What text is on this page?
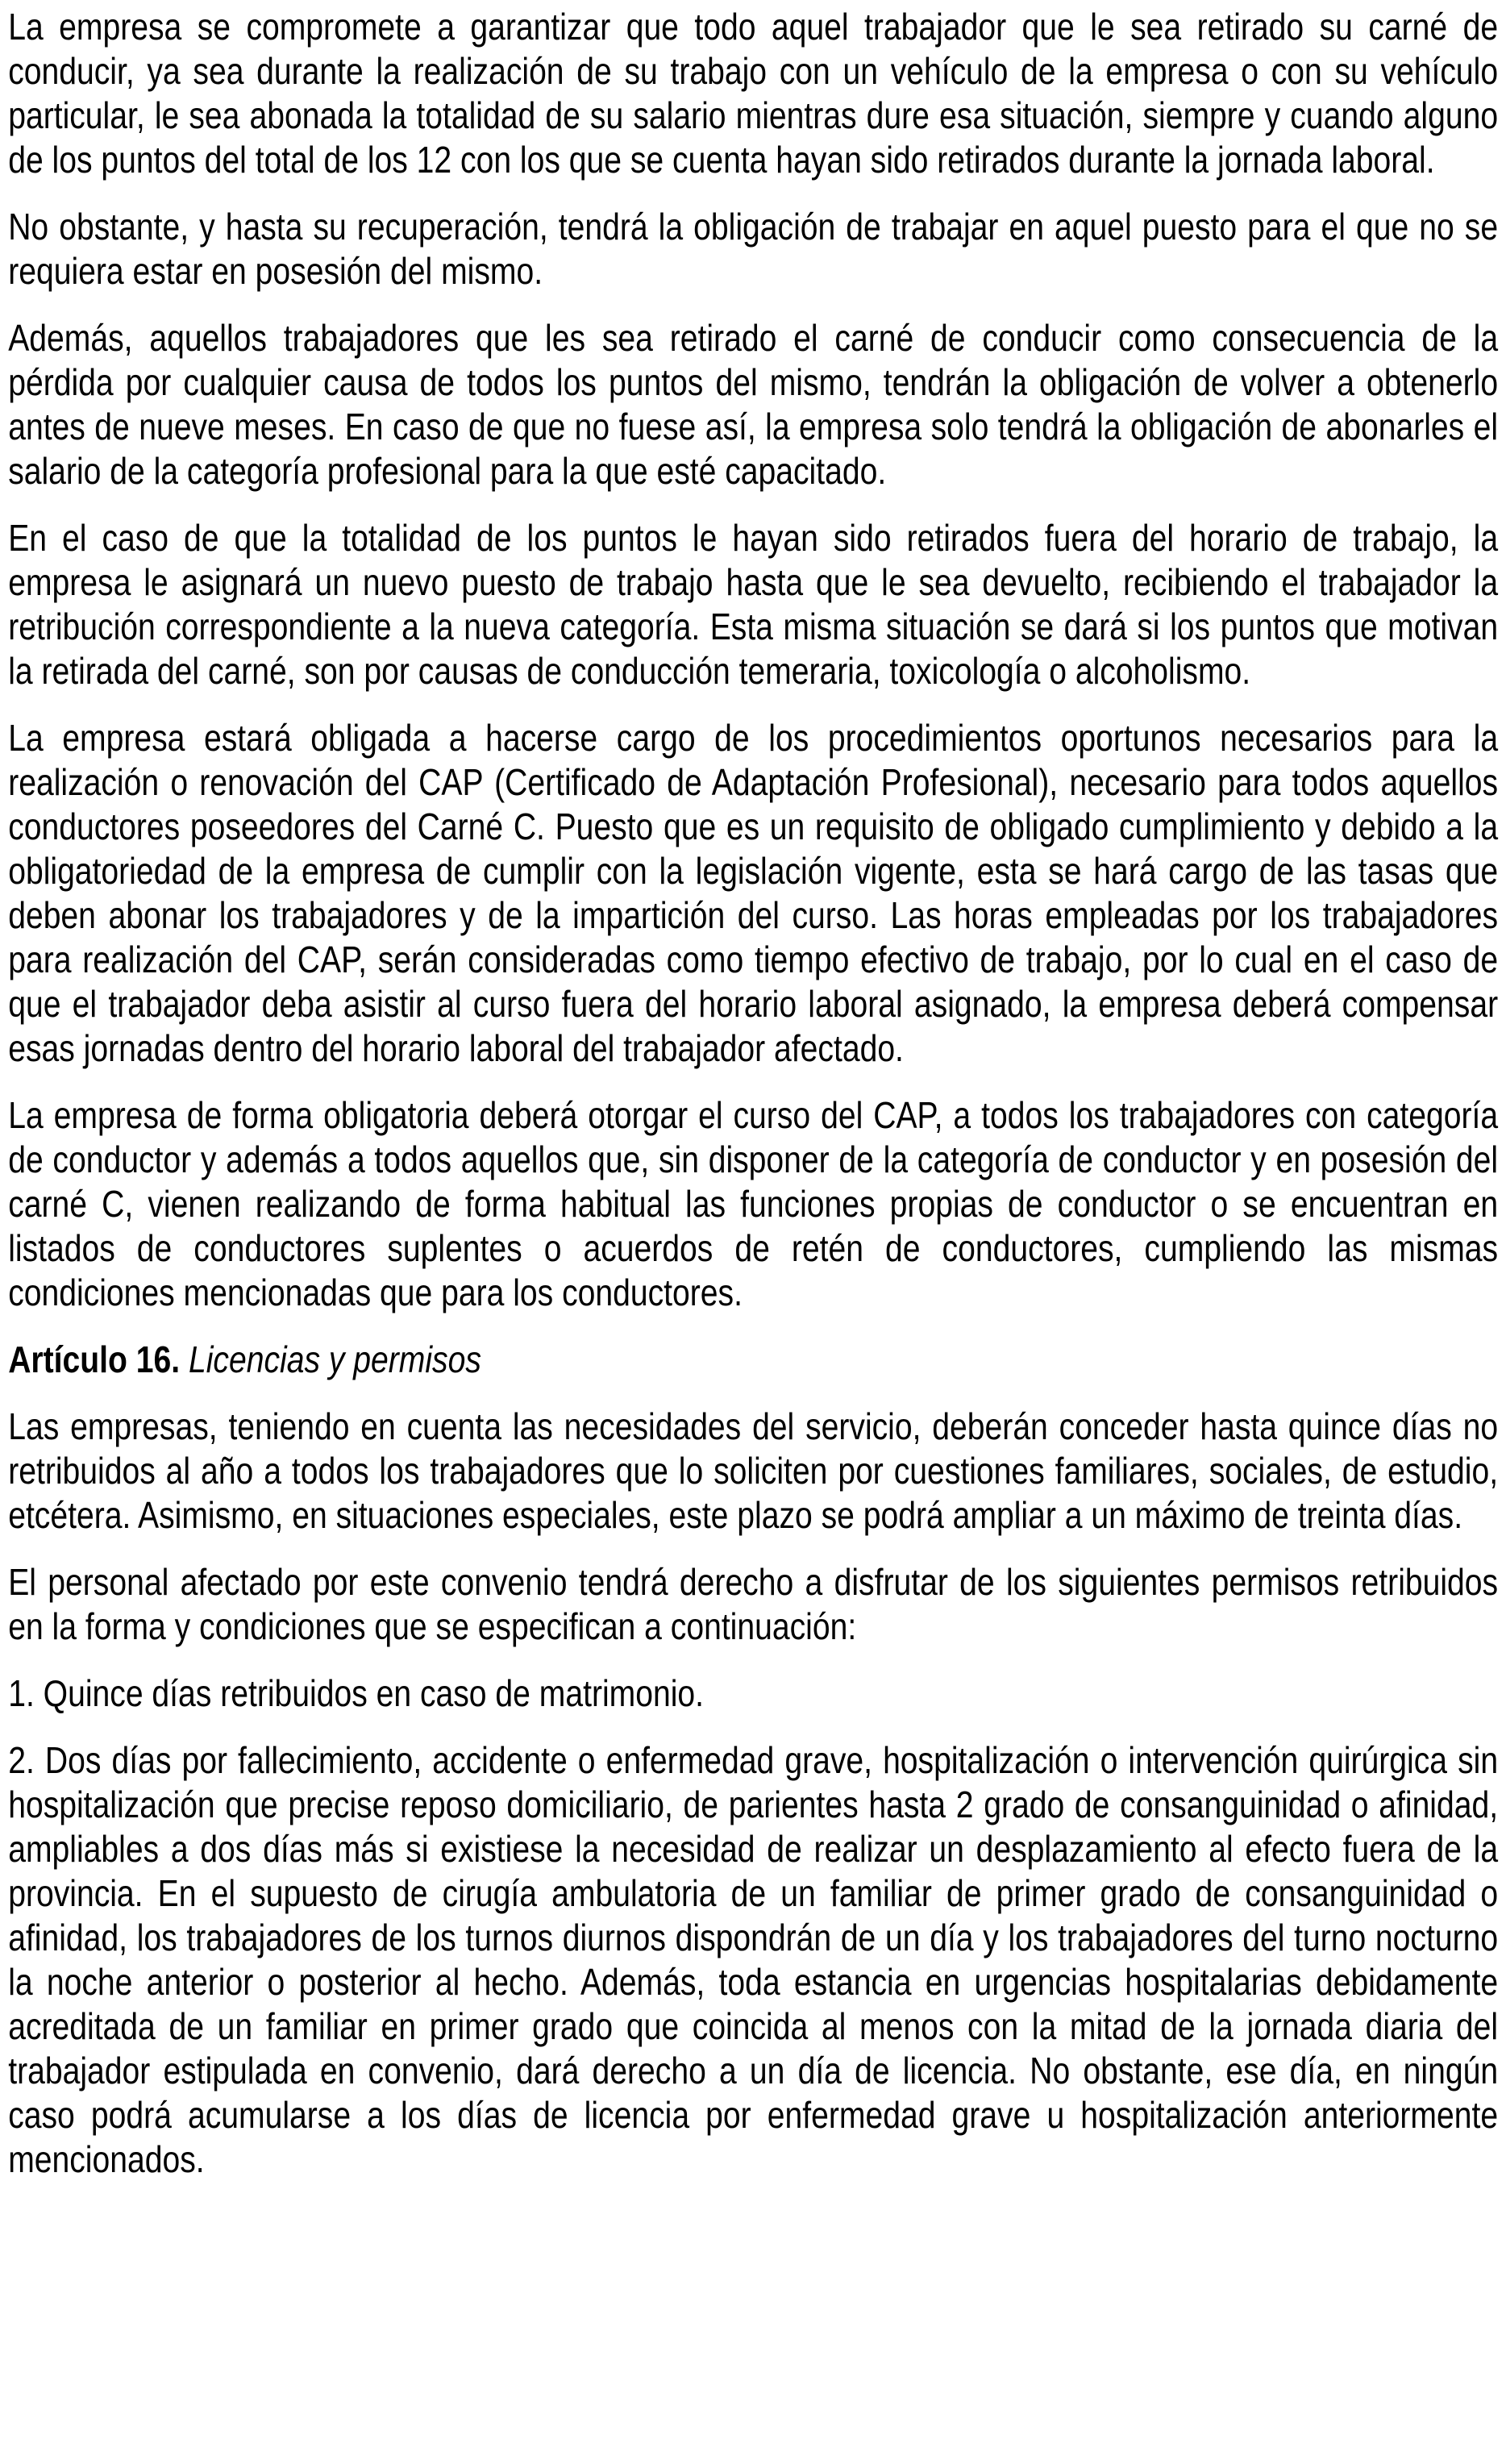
La empresa se compromete a garantizar que todo aquel trabajador que le sea retirado su carné de conducir, ya sea durante la realización de su trabajo con un vehículo de la empresa o con su vehículo particular, le sea abonada la totalidad de su salario mientras dure esa situación, siempre y cuando alguno de los puntos del total de los 12 con los que se cuenta hayan sido retirados durante la jornada laboral.

No obstante, y hasta su recuperación, tendrá la obligación de trabajar en aquel puesto para el que no se requiera estar en posesión del mismo.

Además, aquellos trabajadores que les sea retirado el carné de conducir como consecuencia de la pérdida por cualquier causa de todos los puntos del mismo, tendrán la obligación de volver a obtenerlo antes de nueve meses. En caso de que no fuese así, la empresa solo tendrá la obligación de abonarles el salario de la categoría profesional para la que esté capacitado.

En el caso de que la totalidad de los puntos le hayan sido retirados fuera del horario de trabajo, la empresa le asignará un nuevo puesto de trabajo hasta que le sea devuelto, recibiendo el trabajador la retribución correspondiente a la nueva categoría. Esta misma situación se dará si los puntos que motivan la retirada del carné, son por causas de conducción temeraria, toxicología o alcoholismo.

La empresa estará obligada a hacerse cargo de los procedimientos oportunos necesarios para la realización o renovación del CAP (Certificado de Adaptación Profesional), necesario para todos aquellos conductores poseedores del Carné C. Puesto que es un requisito de obligado cumplimiento y debido a la obligatoriedad de la empresa de cumplir con la legislación vigente, esta se hará cargo de las tasas que deben abonar los trabajadores y de la impartición del curso. Las horas empleadas por los trabajadores para realización del CAP, serán consideradas como tiempo efectivo de trabajo, por lo cual en el caso de que el trabajador deba asistir al curso fuera del horario laboral asignado, la empresa deberá compensar esas jornadas dentro del horario laboral del trabajador afectado.

La empresa de forma obligatoria deberá otorgar el curso del CAP, a todos los trabajadores con categoría de conductor y además a todos aquellos que, sin disponer de la categoría de conductor y en posesión del carné C, vienen realizando de forma habitual las funciones propias de conductor o se encuentran en listados de conductores suplentes o acuerdos de retén de conductores, cumpliendo las mismas condiciones mencionadas que para los conductores.

Artículo 16. Licencias y permisos

Las empresas, teniendo en cuenta las necesidades del servicio, deberán conceder hasta quince días no retribuidos al año a todos los trabajadores que lo soliciten por cuestiones familiares, sociales, de estudio, etcétera. Asimismo, en situaciones especiales, este plazo se podrá ampliar a un máximo de treinta días.

El personal afectado por este convenio tendrá derecho a disfrutar de los siguientes permisos retribuidos en la forma y condiciones que se especifican a continuación:

1. Quince días retribuidos en caso de matrimonio.

2. Dos días por fallecimiento, accidente o enfermedad grave, hospitalización o intervención quirúrgica sin hospitalización que precise reposo domiciliario, de parientes hasta 2 grado de consanguinidad o afinidad, ampliables a dos días más si existiese la necesidad de realizar un desplazamiento al efecto fuera de la provincia. En el supuesto de cirugía ambulatoria de un familiar de primer grado de consanguinidad o afinidad, los trabajadores de los turnos diurnos dispondrán de un día y los trabajadores del turno nocturno la noche anterior o posterior al hecho. Además, toda estancia en urgencias hospitalarias debidamente acreditada de un familiar en primer grado que coincida al menos con la mitad de la jornada diaria del trabajador estipulada en convenio, dará derecho a un día de licencia. No obstante, ese día, en ningún caso podrá acumularse a los días de licencia por enfermedad grave u hospitalización anteriormente mencionados.
